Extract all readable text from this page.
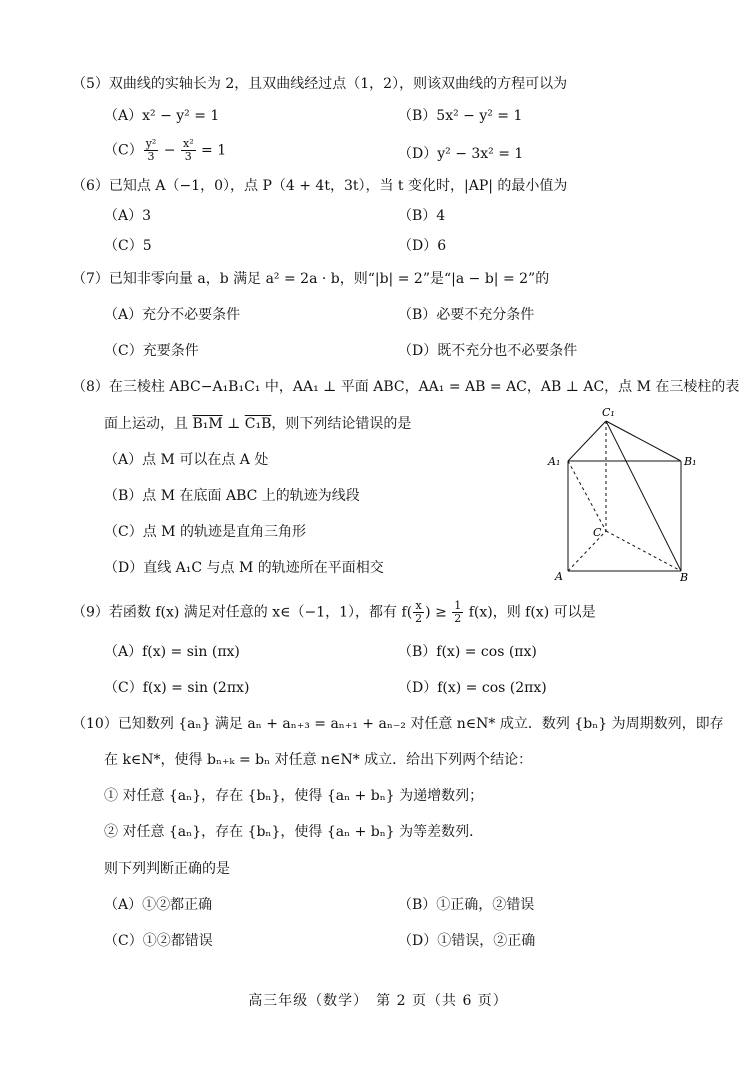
（5）双曲线的实轴长为 2，且双曲线经过点（1，2），则该双曲线的方程可以为
（A）x² − y² = 1	（B）5x² − y² = 1
$(C) \frac{\text{y²}}{3} - \frac{\text{x²}}{3} = 1$	（D）y² − 3x² = 1
（6）已知点 A（−1，0），点 P（4 + 4t，3t），当 t 变化时，|AP| 的最小值为
（A）3	（B）4
（C）5	（D）6
（7）已知非零向量 a，b 满足 a² = 2a · b，则“|b| = 2”是“|a − b| = 2”的
（A）充分不必要条件	（B）必要不充分条件
（C）充要条件	（D）既不充分也不必要条件
（8）在三棱柱 ABC−A₁B₁C₁ 中，AA₁ ⊥ 平面 ABC，AA₁ = AB = AC，AB ⊥ AC，点 M 在三棱柱的表
面上运动，且 B₁M ⊥ C₁B，则下列结论错误的是
（A）点 M 可以在点 A 处
（B）点 M 在底面 ABC 上的轨迹为线段
（C）点 M 的轨迹是直角三角形
（D）直线 A₁C 与点 M 的轨迹所在平面相交
C₁
A₁	B₁
C
A	B
（9）若函数 f(x) 满足对任意的 x∈（−1，1），都有 $f( \frac{x}{2}$ ) ≥ $\frac{1}{2} f(x)$，则 f(x) 可以是
（A）f(x) = sin (πx)	（B）f(x) = cos (πx)
（C）f(x) = sin (2πx)	（D）f(x) = cos (2πx)
（10）已知数列 {aₙ} 满足 aₙ + aₙ₊₃ = aₙ₊₁ + aₙ₋₂ 对任意 n∈N* 成立．数列 {bₙ} 为周期数列，即存
在 k∈N*，使得 bₙ₊ₖ = bₙ 对任意 n∈N* 成立．给出下列两个结论：
① 对任意 {aₙ}，存在 {bₙ}，使得 {aₙ + bₙ} 为递增数列；
② 对任意 {aₙ}，存在 {bₙ}，使得 {aₙ + bₙ} 为等差数列．
则下列判断正确的是
（A）①②都正确	（B）①正确，②错误
（C）①②都错误	（D）①错误，②正确
高三年级（数学）　第 2 页（共 6 页）
